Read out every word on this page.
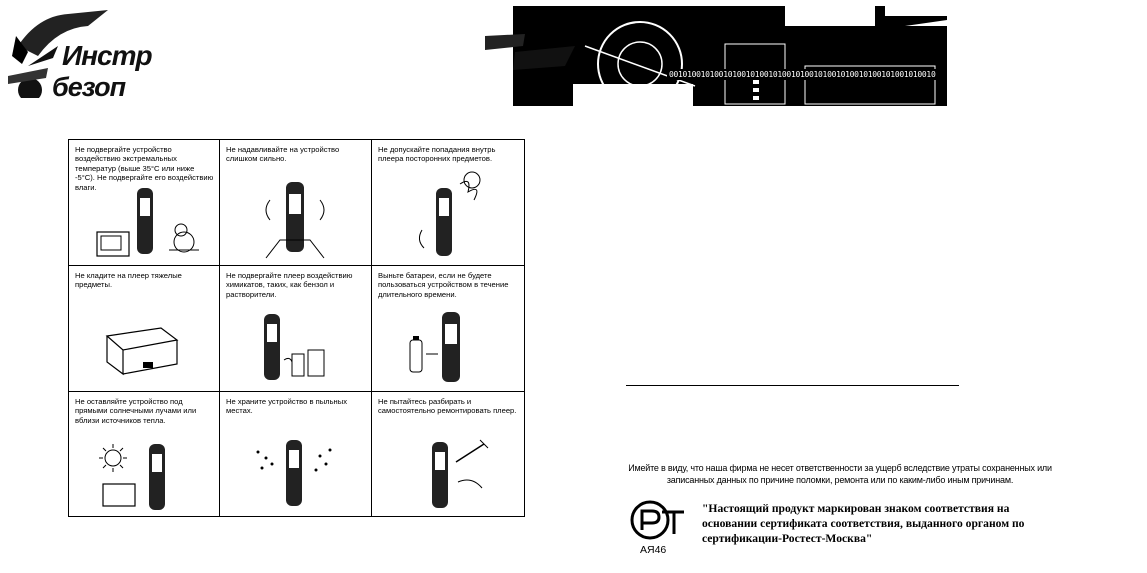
Инстр
безоп	00101001010010100101001010010100101001010010100101001010010
Не подвергайте устройство воздействию экстремальных температур (выше 35°C или ниже -5°C). Не подвергайте его воздействию влаги.
Не надавливайте на устройство слишком сильно.
Не допускайте попадания внутрь плеера посторонних предметов.
Не кладите на плеер тяжелые предметы.
Не подвергайте плеер воздействию химикатов, таких, как бензол и растворители.
Выньте батареи, если не будете пользоваться устройством в течение длительного времени.
Не оставляйте устройство под прямыми солнечными лучами или вблизи источников тепла.
Не храните устройство в пыльных местах.
Не пытайтесь разбирать и самостоятельно ремонтировать плеер.
Имейте в виду, что наша фирма не несет ответственности за ущерб вследствие утраты сохраненных или
записанных данных по причине поломки, ремонта или по каким-либо иным причинам.
АЯ46
"Настоящий продукт маркирован знаком соответствия на основании сертификата соответствия, выданного органом по сертификации-Ростест-Москва"
